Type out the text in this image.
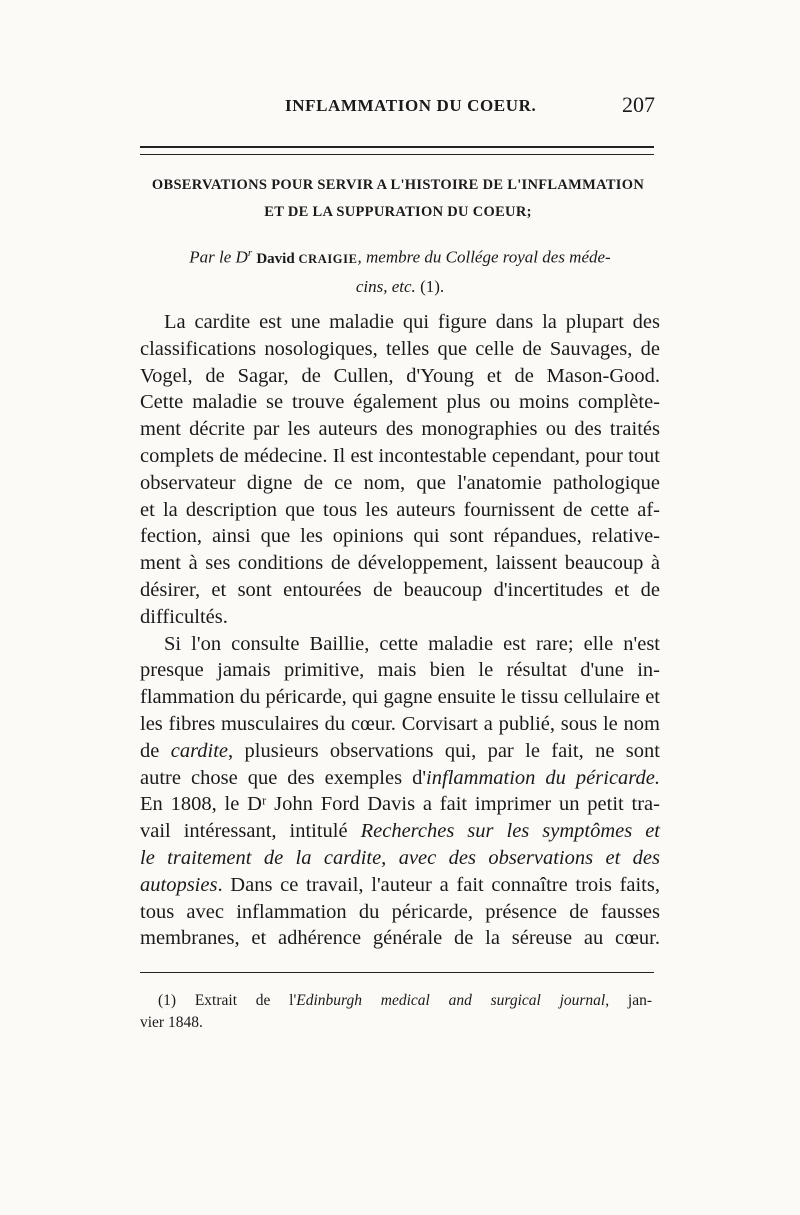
INFLAMMATION DU COEUR.	207
OBSERVATIONS POUR SERVIR A L'HISTOIRE DE L'INFLAMMATION
ET DE LA SUPPURATION DU COEUR;
Par le $D^r$ David CRAIGIE, membre du Collége royal des méde-
cins, etc. (1).
La cardite est une maladie qui figure dans la plupart des
classifications nosologiques, telles que celle de Sauvages, de
Vogel, de Sagar, de Cullen, d'Young et de Mason-Good.
Cette maladie se trouve également plus ou moins complète-
ment décrite par les auteurs des monographies ou des traités
complets de médecine. Il est incontestable cependant, pour tout
observateur digne de ce nom, que l'anatomie pathologique
et la description que tous les auteurs fournissent de cette af-
fection, ainsi que les opinions qui sont répandues, relative-
ment à ses conditions de développement, laissent beaucoup à
désirer, et sont entourées de beaucoup d'incertitudes et de
difficultés.
Si l'on consulte Baillie, cette maladie est rare; elle n'est
presque jamais primitive, mais bien le résultat d'une in-
flammation du péricarde, qui gagne ensuite le tissu cellulaire et
les fibres musculaires du cœur. Corvisart a publié, sous le nom
de cardite, plusieurs observations qui, par le fait, ne sont
autre chose que des exemples d'inflammation du péricarde.
En 1808, le Dʳ John Ford Davis a fait imprimer un petit tra-
vail intéressant, intitulé Recherches sur les symptômes et
le traitement de la cardite, avec des observations et des
autopsies. Dans ce travail, l'auteur a fait connaître trois faits,
tous avec inflammation du péricarde, présence de fausses
membranes, et adhérence générale de la séreuse au cœur.
(1) Extrait de l'Edinburgh medical and surgical journal, jan-
vier 1848.
